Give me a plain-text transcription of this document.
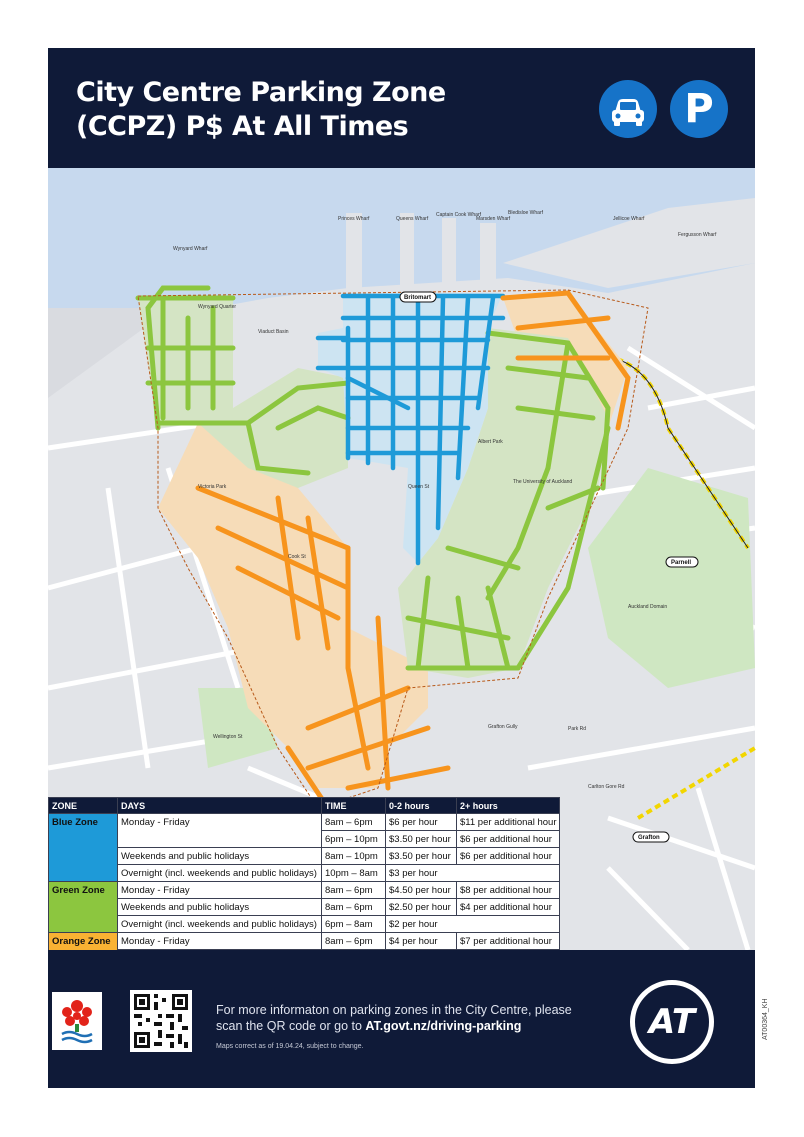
City Centre Parking Zone
(CCPZ) P$ At All Times	P
Wynyard Wharf
Princes Wharf	Queens Wharf
Captain Cook Wharf
Marsden Wharf
Bledisloe Wharf
Jellicoe Wharf
Fergusson Wharf
Viaduct Basin
Wynyard Quarter
Albert Park
Auckland Domain
Victoria Park
The University of Auckland
Cook St
Queen St
Wellington St
Park Rd
Grafton Gully
Carlton Gore Rd
Britomart
Parnell
Grafton
ZONE	DAYS	TIME	0-2 hours	2+ hours
Blue Zone	Monday - Friday	8am – 6pm	$6 per hour	$11 per additional hour
		6pm – 10pm	$3.50 per hour	$6 per additional hour
	Weekends and public holidays	8am – 10pm	$3.50 per hour	$6 per additional hour
	Overnight (incl. weekends and public holidays)	10pm – 8am	$3 per hour	
Green Zone	Monday - Friday	8am – 6pm	$4.50 per hour	$8 per additional hour
	Weekends and public holidays	8am – 6pm	$2.50 per hour	$4 per additional hour
	Overnight (incl. weekends and public holidays)	6pm – 8am	$2 per hour	
Orange Zone	Monday - Friday	8am – 6pm	$4 per hour	$7 per additional hour

For more informaton on parking zones in the City Centre, please
scan the QR code or go to AT.govt.nz/driving-parking
Maps correct as of 19.04.24, subject to change.
AT	AT00364_KH
